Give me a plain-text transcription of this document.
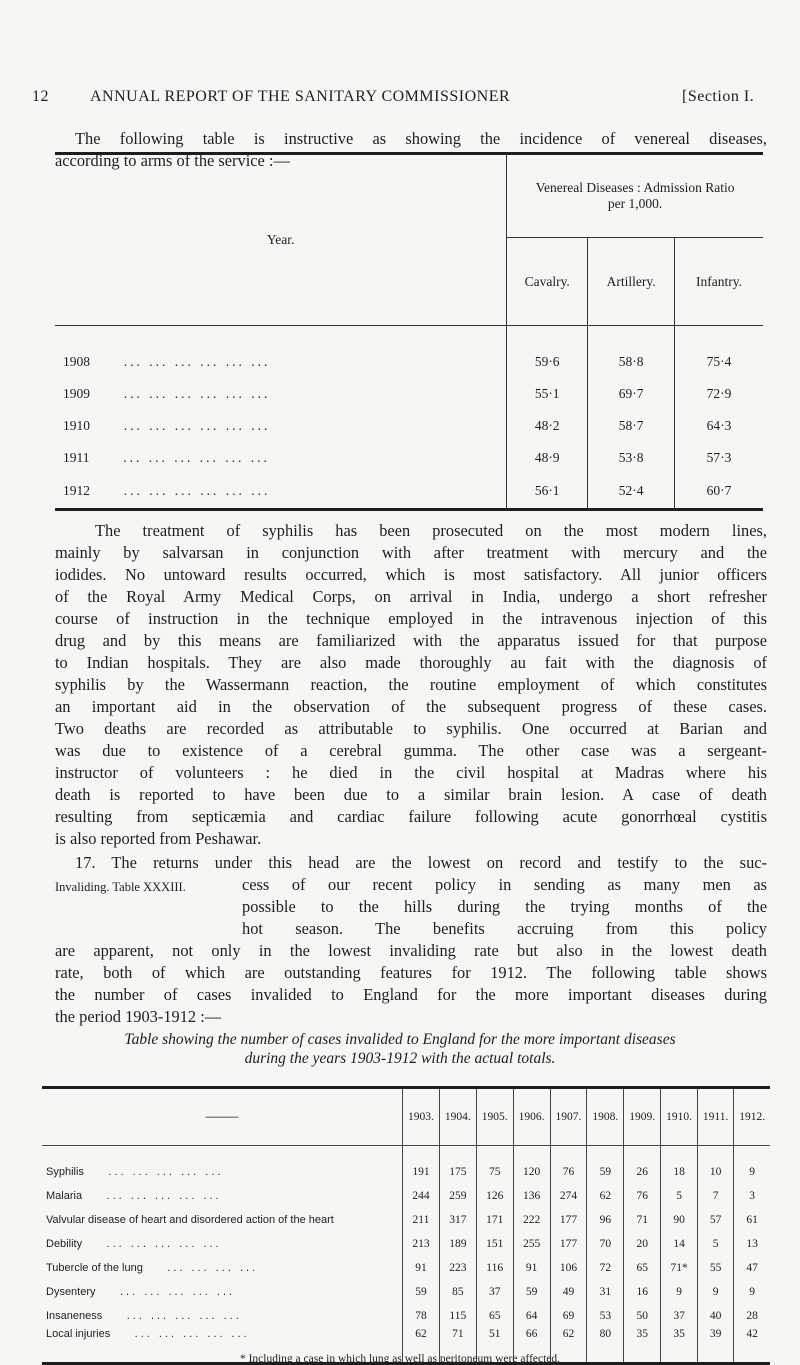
12	ANNUAL REPORT OF THE SANITARY COMMISSIONER	[Section I.
The following table is instructive as showing the incidence of venereal diseases,
according to arms of the service :—
Year.	Venereal Diseases : Admission Ratio
per 1,000.		

	Cavalry.	Artillery.	Infantry.

1908 ... ... ... ... ... ...	59·6	58·8	75·4
1909 ... ... ... ... ... ...	55·1	69·7	72·9
1910 ... ... ... ... ... ...	48·2	58·7	64·3
1911 ... ... ... ... ... ...	48·9	53·8	57·3
1912 ... ... ... ... ... ...	56·1	52·4	60·7
The treatment of syphilis has been prosecuted on the most modern lines,
mainly by salvarsan in conjunction with after treatment with mercury and the
iodides. No untoward results occurred, which is most satisfactory. All junior officers
of the Royal Army Medical Corps, on arrival in India, undergo a short refresher
course of instruction in the technique employed in the intravenous injection of this
drug and by this means are familiarized with the apparatus issued for that purpose
to Indian hospitals. They are also made thoroughly au fait with the diagnosis of
syphilis by the Wassermann reaction, the routine employment of which constitutes
an important aid in the observation of the subsequent progress of these cases.
Two deaths are recorded as attributable to syphilis. One occurred at Barian and
was due to existence of a cerebral gumma. The other case was a sergeant-
instructor of volunteers : he died in the civil hospital at Madras where his
death is reported to have been due to a similar brain lesion. A case of death
resulting from septicæmia and cardiac failure following acute gonorrhœal cystitis
is also reported from Peshawar.
17. The returns under this head are the lowest on record and testify to the suc-
Invaliding. Table XXXIII.	cess of our recent policy in sending as many men as
possible to the hills during the trying months of the
hot season. The benefits accruing from this policy
are apparent, not only in the lowest invaliding rate but also in the lowest death
rate, both of which are outstanding features for 1912. The following table shows
the number of cases invalided to England for the more important diseases during
the period 1903-1912 :—
Table showing the number of cases invalided to England for the more important diseases
during the years 1903-1912 with the actual totals.
———	1903.	1904.	1905.	1906.	1907.	1908.	1909.	1910.	1911.	1912.

Syphilis ... ... ... ... ...	191	175	75	120	76	59	26	18	10	9
Malaria ... ... ... ... ...	244	259	126	136	274	62	76	5	7	3
Valvular disease of heart and disordered action of the heart	211	317	171	222	177	96	71	90	57	61
Debility ... ... ... ... ...	213	189	151	255	177	70	20	14	5	13
Tubercle of the lung ... ... ... ...	91	223	116	91	106	72	65	71*	55	47
Dysentery ... ... ... ... ...	59	85	37	59	49	31	16	9	9	9
Insaneness ... ... ... ... ...	78	115	65	64	69	53	50	37	40	28
Local injuries ... ... ... ... ...	62	71	51	66	62	80	35	35	39	42
* Including a case in which lung as well as peritoneum were affected.
